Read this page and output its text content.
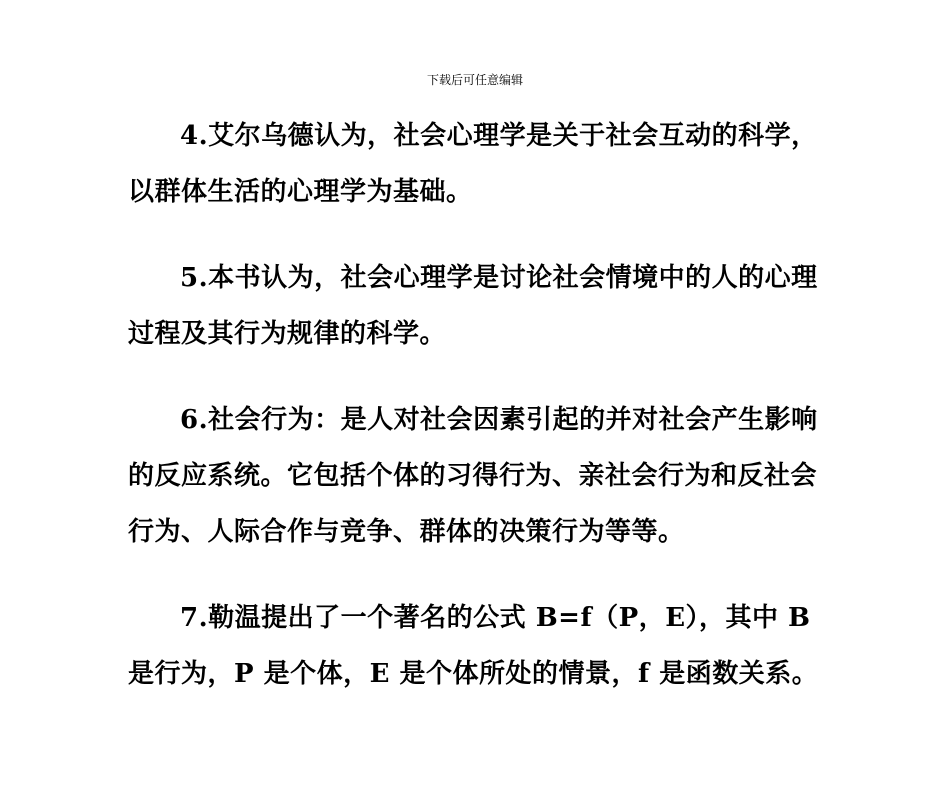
下载后可任意编辑

4.艾尔乌德认为，社会心理学是关于社会互动的科学，以群体生活的心理学为基础。

5.本书认为，社会心理学是讨论社会情境中的人的心理过程及其行为规律的科学。

6.社会行为：是人对社会因素引起的并对社会产生影响的反应系统。它包括个体的习得行为、亲社会行为和反社会行为、人际合作与竞争、群体的决策行为等等。

7.勒温提出了一个著名的公式 B=f（P，E），其中 B 是行为，P 是个体，E 是个体所处的情景，f 是函数关系。
